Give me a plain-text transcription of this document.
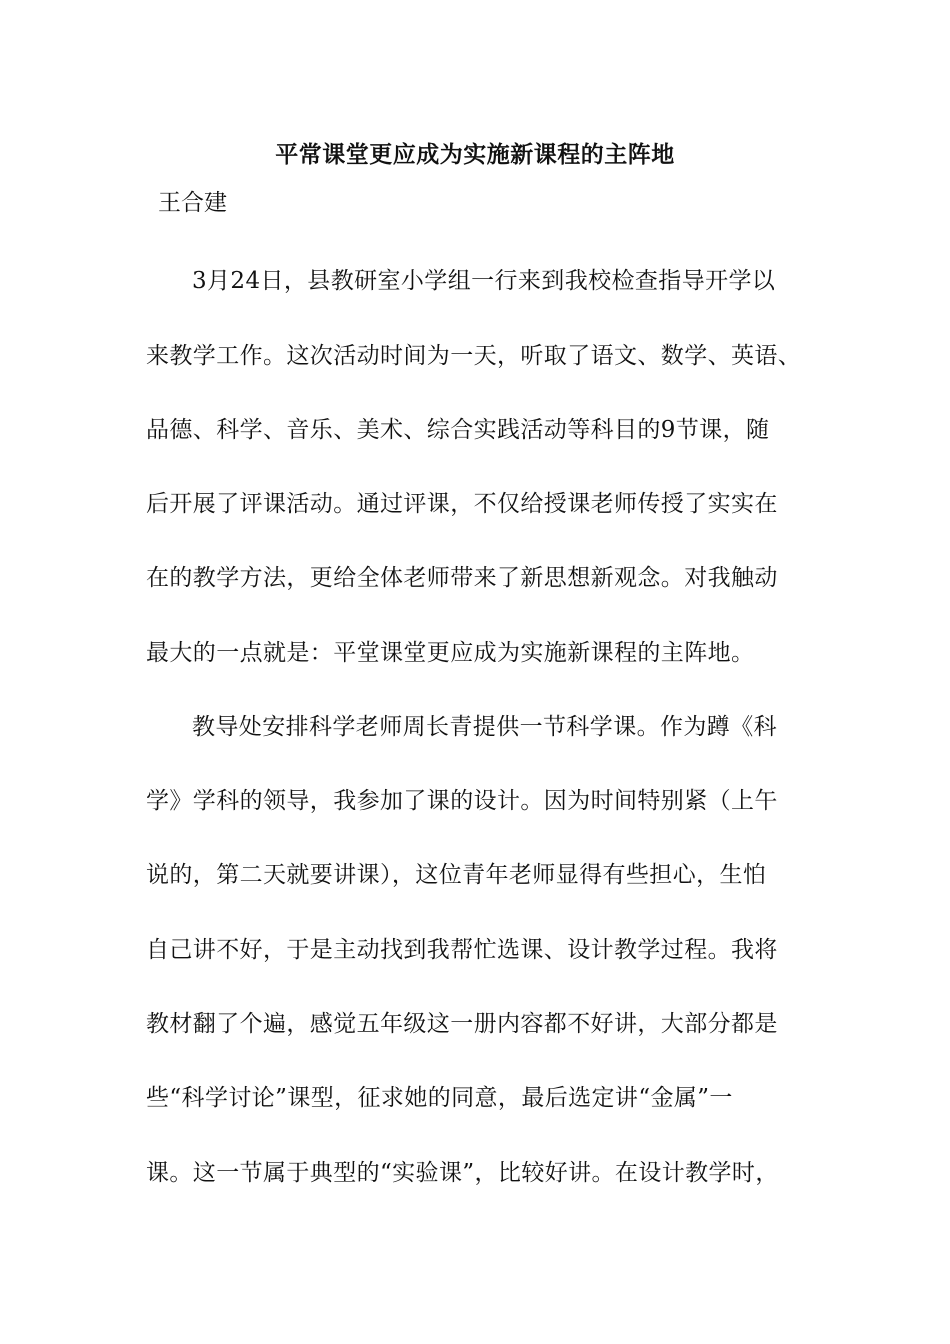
平常课堂更应成为实施新课程的主阵地
王合建
3月24日，县教研室小学组一行来到我校检查指导开学以
来教学工作。这次活动时间为一天，听取了语文、数学、英语、
品德、科学、音乐、美术、综合实践活动等科目的9节课，随
后开展了评课活动。通过评课，不仅给授课老师传授了实实在
在的教学方法，更给全体老师带来了新思想新观念。对我触动
最大的一点就是：平堂课堂更应成为实施新课程的主阵地。
教导处安排科学老师周长青提供一节科学课。作为蹲《科
学》学科的领导，我参加了课的设计。因为时间特别紧（上午
说的，第二天就要讲课），这位青年老师显得有些担心，生怕
自己讲不好，于是主动找到我帮忙选课、设计教学过程。我将
教材翻了个遍，感觉五年级这一册内容都不好讲，大部分都是
些“科学讨论”课型，征求她的同意，最后选定讲“金属”一
课。这一节属于典型的“实验课”，比较好讲。在设计教学时，
